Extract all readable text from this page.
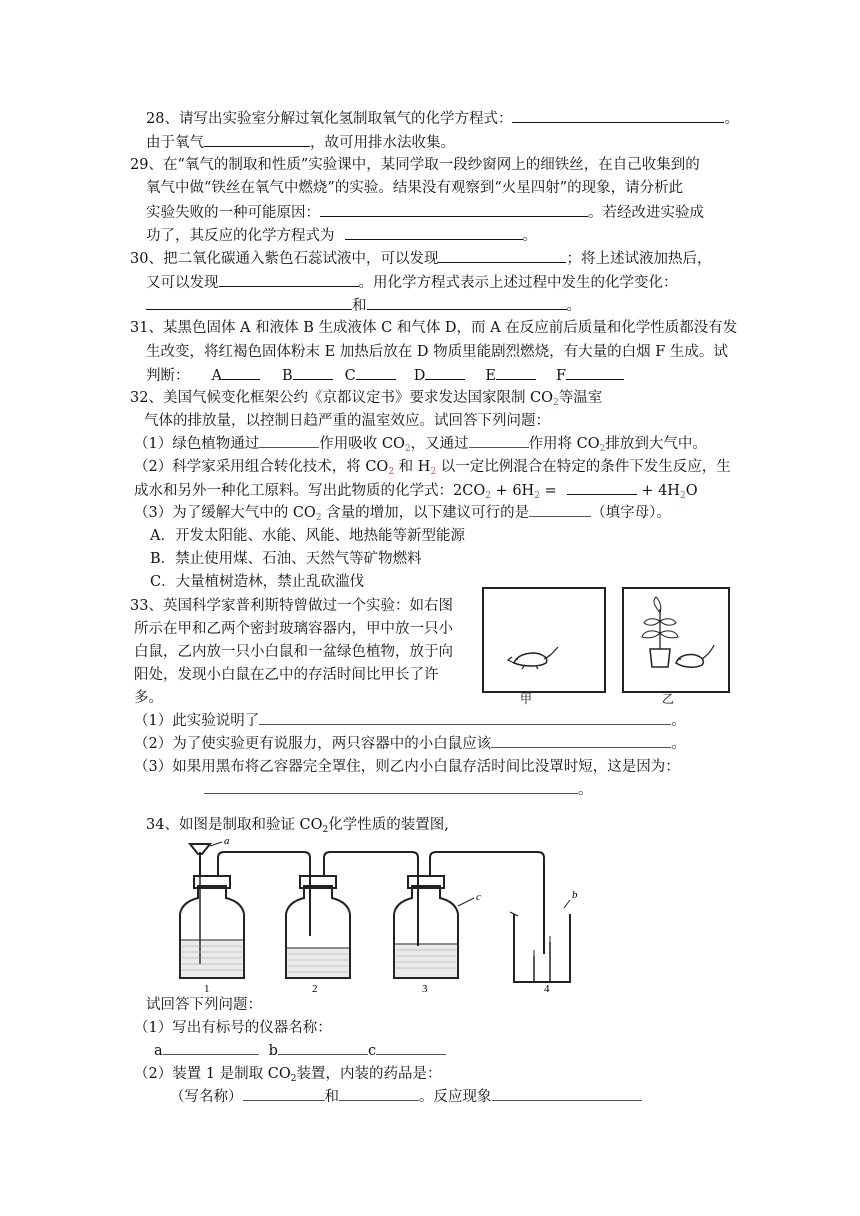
28、请写出实验室分解过氧化氢制取氧气的化学方程式：	。
由于氧气	，故可用排水法收集。
29、在“氧气的制取和性质”实验课中，某同学取一段纱窗网上的细铁丝，在自己收集到的
氧气中做“铁丝在氧气中燃烧”的实验。结果没有观察到“火星四射”的现象，请分析此
实验失败的一种可能原因：	。若经改进实验成
功了，其反应的化学方程式为	。
30、把二氧化碳通入紫色石蕊试液中，可以发现	；将上述试液加热后，
又可以发现	。用化学方程式表示上述过程中发生的化学变化：
和	。
31、某黑色固体 A 和液体 B 生成液体 C 和气体 D，而 A 在反应前后质量和化学性质都没有发
生改变，将红褐色固体粉末 E 加热后放在 D 物质里能剧烈燃烧，有大量的白烟 F 生成。试
判断： A	B	C	D	E	F
32、美国气候变化框架公约《京都议定书》要求发达国家限制 $CO_2$等温室
气体的排放量，以控制日趋严重的温室效应。试回答下列问题：
（1）绿色植物通过	作用吸收 $CO_2$，又通过	作用将 $CO_2$排放到大气中。
（2）科学家采用组合转化技术，将 $CO_2$ 和 $H_2$ 以一定比例混合在特定的条件下发生反应，生
成水和另外一种化工原料。写出此物质的化学式：$2CO_2 + 6H_2$ =	+ $4H_2O$
（3）为了缓解大气中的 $CO_2$ 含量的增加，以下建议可行的是	（填字母）。
A．开发太阳能、水能、风能、地热能等新型能源
B．禁止使用煤、石油、天然气等矿物燃料
C．大量植树造林，禁止乱砍滥伐
33、英国科学家普利斯特曾做过一个实验：如右图
所示在甲和乙两个密封玻璃容器内，甲中放一只小
白鼠，乙内放一只小白鼠和一盆绿色植物，放于向
阳处，发现小白鼠在乙中的存活时间比甲长了许
多。	甲	乙
（1）此实验说明了	。
（2）为了使实验更有说服力，两只容器中的小白鼠应该	。
（3）如果用黑布将乙容器完全罩住，则乙内小白鼠存活时间比没罩时短，这是因为：
。
34、如图是制取和验证 $CO_2$化学性质的装置图,
a
c	b
1	2	3	4
试回答下列问题：
（1）写出有标号的仪器名称：
a	b	c
（2）装置 1 是制取 $CO_2$装置，内装的药品是：
（写名称）	和	。反应现象
